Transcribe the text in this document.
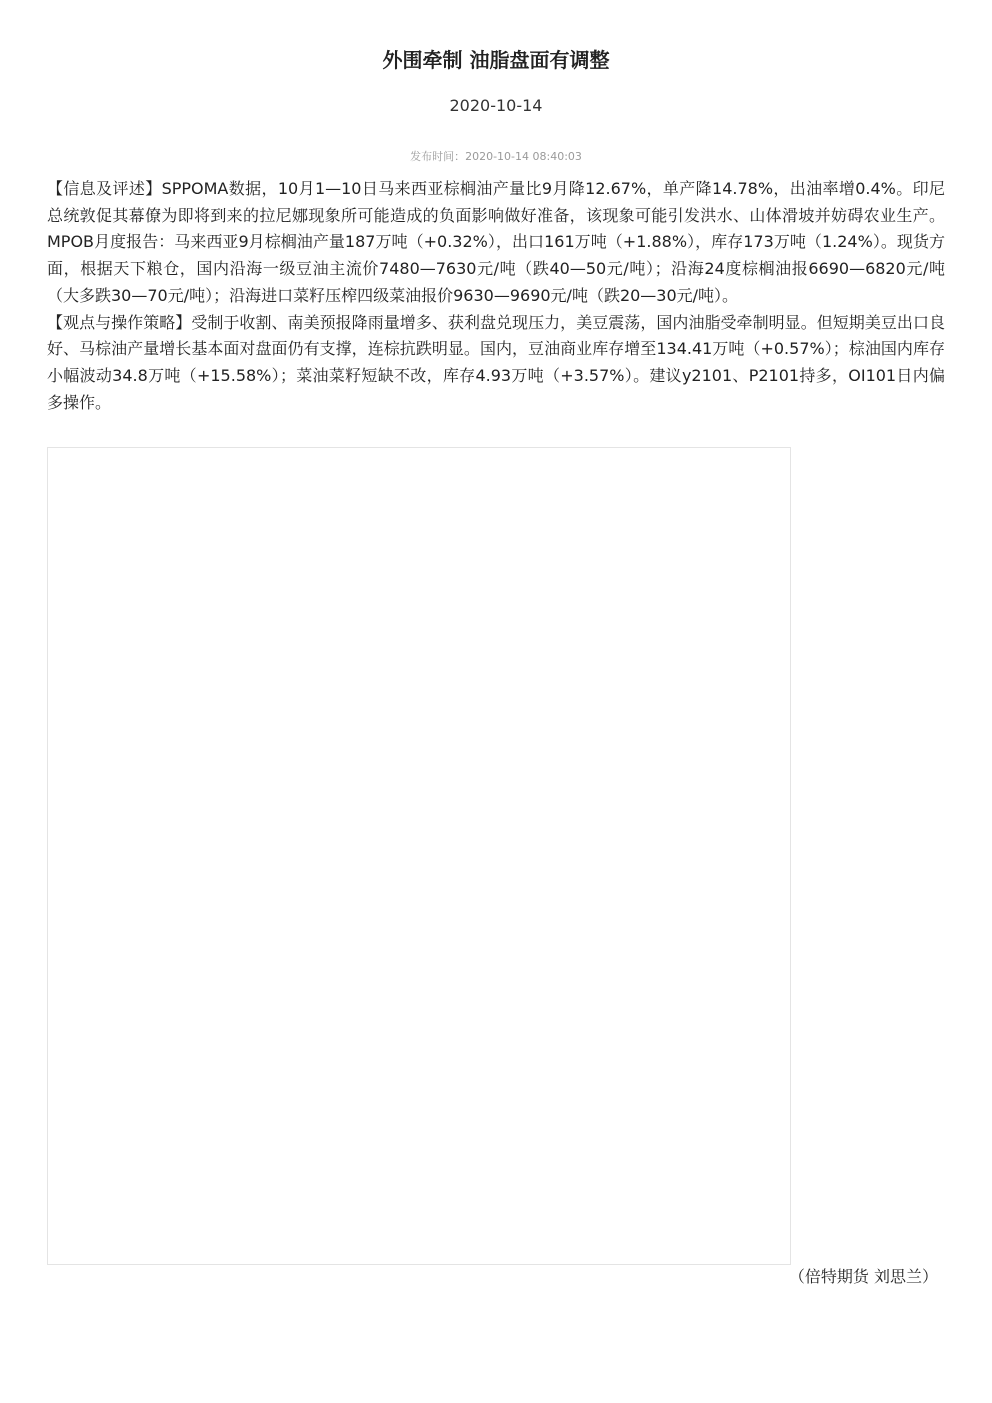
外围牵制 油脂盘面有调整
2020-10-14
发布时间：2020-10-14 08:40:03

【信息及评述】SPPOMA数据，10月1—10日马来西亚棕榈油产量比9月降12.67%，单产降14.78%，出油率增0.4%。印尼总统敦促其幕僚为即将到来的拉尼娜现象所可能造成的负面影响做好准备，该现象可能引发洪水、山体滑坡并妨碍农业生产。MPOB月度报告：马来西亚9月棕榈油产量187万吨（+0.32%），出口161万吨（+1.88%），库存173万吨（1.24%）。现货方面，根据天下粮仓，国内沿海一级豆油主流价7480—7630元/吨（跌40—50元/吨）；沿海24度棕榈油报6690—6820元/吨（大多跌30—70元/吨）；沿海进口菜籽压榨四级菜油报价9630—9690元/吨（跌20—30元/吨）。

【观点与操作策略】受制于收割、南美预报降雨量增多、获利盘兑现压力，美豆震荡，国内油脂受牵制明显。但短期美豆出口良好、马棕油产量增长基本面对盘面仍有支撑，连棕抗跌明显。国内，豆油商业库存增至134.41万吨（+0.57%）；棕油国内库存小幅波动34.8万吨（+15.58%）；菜油菜籽短缺不改，库存4.93万吨（+3.57%）。建议y2101、P2101持多，OI101日内偏多操作。

（倍特期货 刘思兰）
